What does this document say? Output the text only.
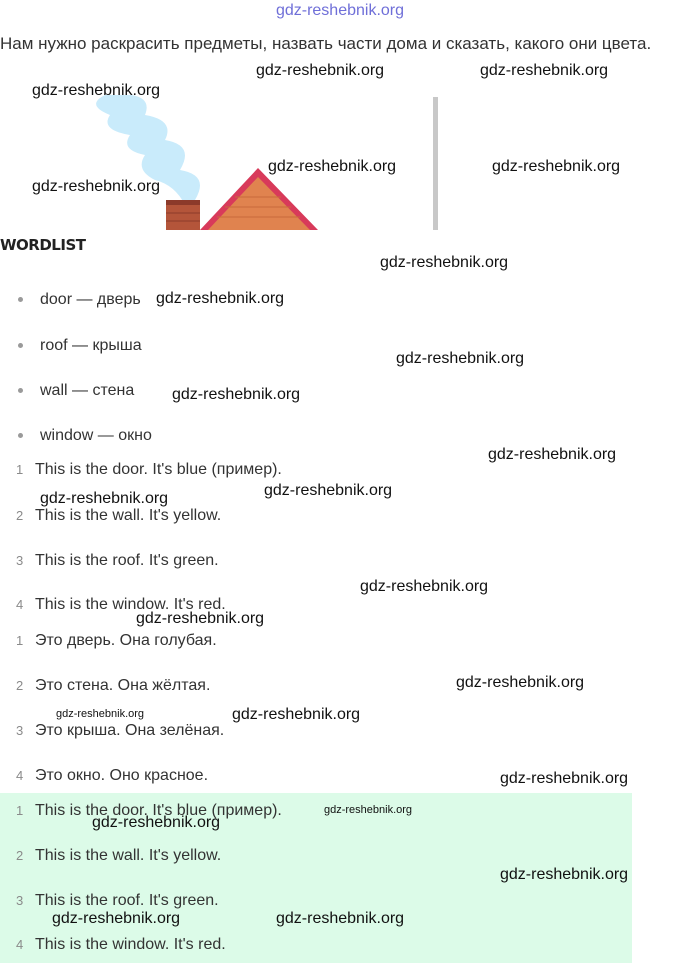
gdz-reshebnik.org
Нам нужно раскрасить предметы, назвать части дома и сказать, какого они цвета.
WORDLIST
door — дверь
roof — крыша
wall — стена
window — окно
1 This is the door. It's blue (пример).
2 This is the wall. It's yellow.
3 This is the roof. It's green.
4 This is the window. It's red.
1 Это дверь. Она голубая.
2 Это стена. Она жёлтая.
3 Это крыша. Она зелёная.
4 Это окно. Оно красное.
1 This is the door. It's blue (пример).
2 This is the wall. It's yellow.
3 This is the roof. It's green.
4 This is the window. It's red.
gdz-reshebnik.org	gdz-reshebnik.org
gdz-reshebnik.org
gdz-reshebnik.org	gdz-reshebnik.org
gdz-reshebnik.org
gdz-reshebnik.org
gdz-reshebnik.org
gdz-reshebnik.org
gdz-reshebnik.org
gdz-reshebnik.org
gdz-reshebnik.org
gdz-reshebnik.org
gdz-reshebnik.org
gdz-reshebnik.org
gdz-reshebnik.org
gdz-reshebnik.org	gdz-reshebnik.org
gdz-reshebnik.org
gdz-reshebnik.org
gdz-reshebnik.org
gdz-reshebnik.org
gdz-reshebnik.org	gdz-reshebnik.org
